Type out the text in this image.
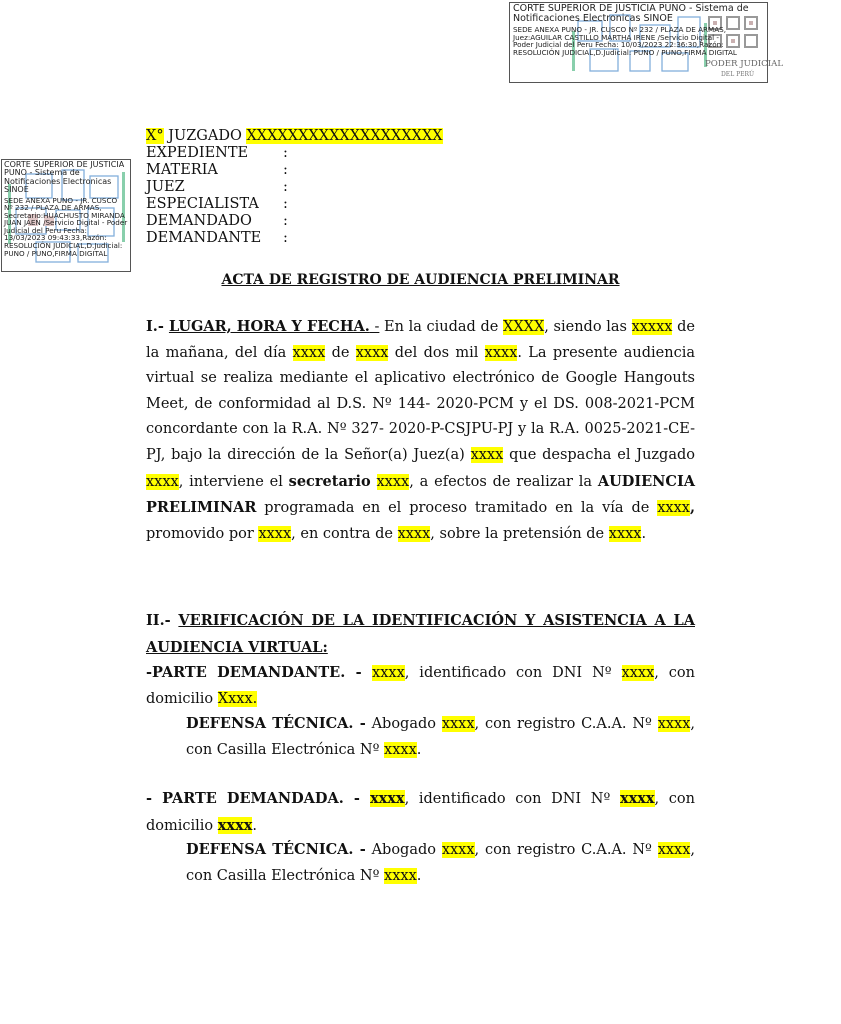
PODER JUDICIAL
DEL PERÚ
CORTE SUPERIOR DE JUSTICIA PUNO - Sistema de Notificaciones Electronicas SINOE
SEDE ANEXA PUNO - JR. CUSCO Nº 232 / PLAZA DE ARMAS, Juez:AGUILAR CASTILLO MARTHA IRENE /Servicio Digital - Poder Judicial del Peru Fecha: 10/03/2023 22:36:30,Razón: RESOLUCIÓN JUDICIAL,D.Judicial: PUNO / PUNO,FIRMA DIGITAL
CORTE SUPERIOR DE JUSTICIA PUNO - Sistema de Notificaciones Electronicas SINOE
SEDE ANEXA PUNO - JR. CUSCO Nº 232 / PLAZA DE ARMAS, Secretario:HUACHUSTO MIRANDA JUAN JAEN /Servicio Digital - Poder Judicial del Peru Fecha: 13/03/2023 09:43:33,Razón: RESOLUCIÓN JUDICIAL,D.Judicial: PUNO / PUNO,FIRMA DIGITAL
X° JUZGADO XXXXXXXXXXXXXXXXXXX
EXPEDIENTE	:
MATERIA	:
JUEZ	:
ESPECIALISTA	:
DEMANDADO	:
DEMANDANTE	:
ACTA DE REGISTRO DE AUDIENCIA PRELIMINAR
I.- LUGAR, HORA Y FECHA. - En la ciudad de XXXX, siendo las xxxxx de la mañana, del día xxxx de xxxx del dos mil xxxx. La presente audiencia virtual se realiza mediante el aplicativo electrónico de Google Hangouts Meet, de conformidad al D.S. Nº 144- 2020-PCM y el DS. 008-2021-PCM concordante con la R.A. Nº 327- 2020-P-CSJPU-PJ y la R.A. 0025-2021-CE-PJ, bajo la dirección de la Señor(a) Juez(a) xxxx que despacha el Juzgado xxxx, interviene el secretario xxxx, a efectos de realizar la AUDIENCIA PRELIMINAR programada en el proceso tramitado en la vía de xxxx, promovido por xxxx, en contra de xxxx, sobre la pretensión de xxxx.
II.- VERIFICACIÓN DE LA IDENTIFICACIÓN Y ASISTENCIA A LA AUDIENCIA VIRTUAL:
-PARTE DEMANDANTE. - xxxx, identificado con DNI Nº xxxx, con domicilio Xxxx.
DEFENSA TÉCNICA. - Abogado xxxx, con registro C.A.A. Nº xxxx, con Casilla Electrónica Nº xxxx.
- PARTE DEMANDADA. - xxxx, identificado con DNI Nº xxxx, con domicilio xxxx.
DEFENSA TÉCNICA. - Abogado xxxx, con registro C.A.A. Nº xxxx, con Casilla Electrónica Nº xxxx.
